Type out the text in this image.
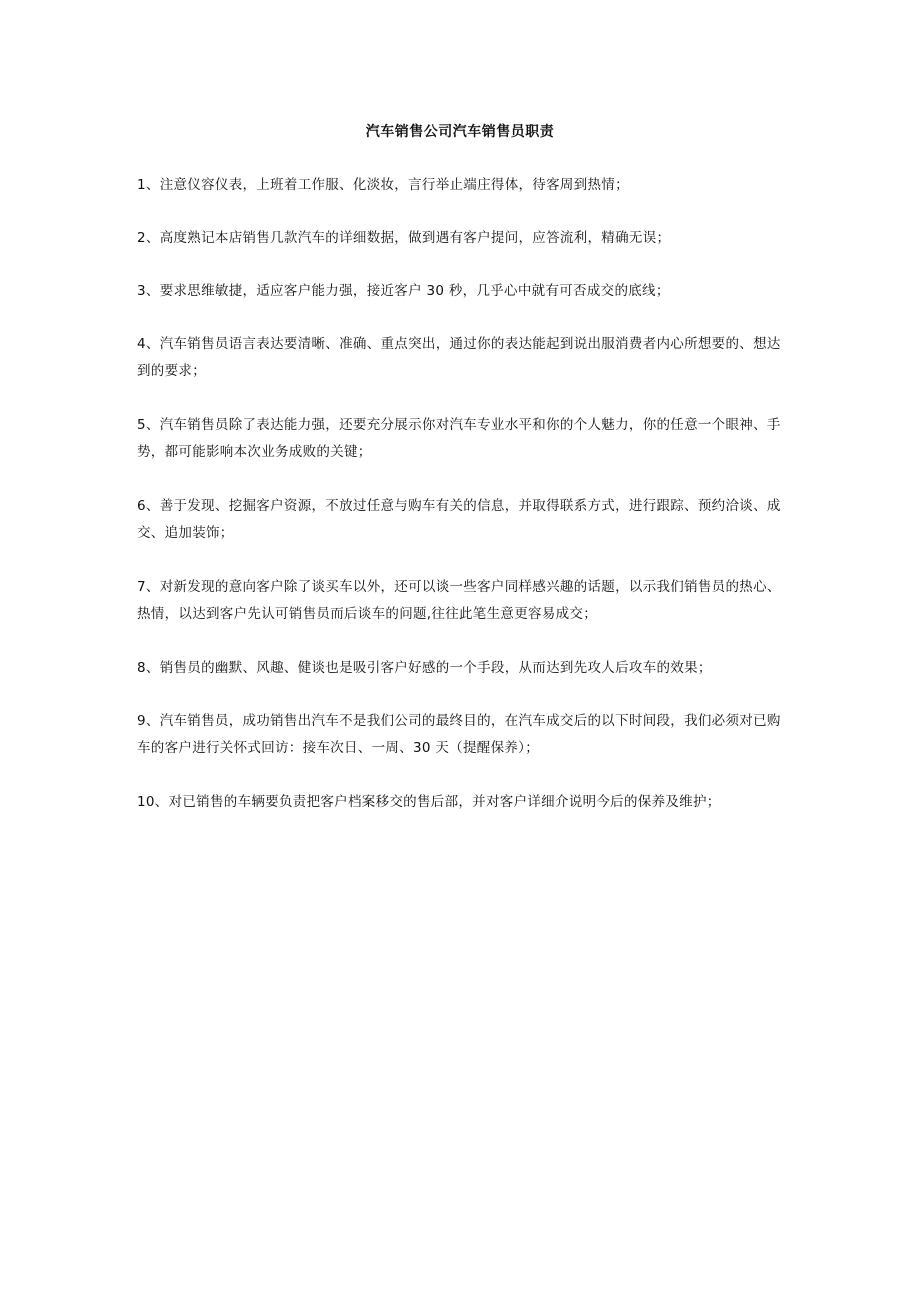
汽车销售公司汽车销售员职责
1、注意仪容仪表，上班着工作服、化淡妆，言行举止端庄得体，待客周到热情；
2、高度熟记本店销售几款汽车的详细数据，做到遇有客户提问，应答流利，精确无误；
3、要求思维敏捷，适应客户能力强，接近客户 30 秒，几乎心中就有可否成交的底线；
4、汽车销售员语言表达要清晰、准确、重点突出，通过你的表达能起到说出服消费者内心所想要的、想达到的要求；
5、汽车销售员除了表达能力强，还要充分展示你对汽车专业水平和你的个人魅力，你的任意一个眼神、手势，都可能影响本次业务成败的关键；
6、善于发现、挖掘客户资源，不放过任意与购车有关的信息，并取得联系方式，进行跟踪、预约洽谈、成交、追加装饰；
7、对新发现的意向客户除了谈买车以外，还可以谈一些客户同样感兴趣的话题，以示我们销售员的热心、热情，以达到客户先认可销售员而后谈车的问题,往往此笔生意更容易成交；
8、销售员的幽默、风趣、健谈也是吸引客户好感的一个手段，从而达到先攻人后攻车的效果；
9、汽车销售员，成功销售出汽车不是我们公司的最终目的，在汽车成交后的以下时间段，我们必须对已购车的客户进行关怀式回访：接车次日、一周、30 天（提醒保养）；
10、对已销售的车辆要负责把客户档案移交的售后部，并对客户详细介说明今后的保养及维护；
